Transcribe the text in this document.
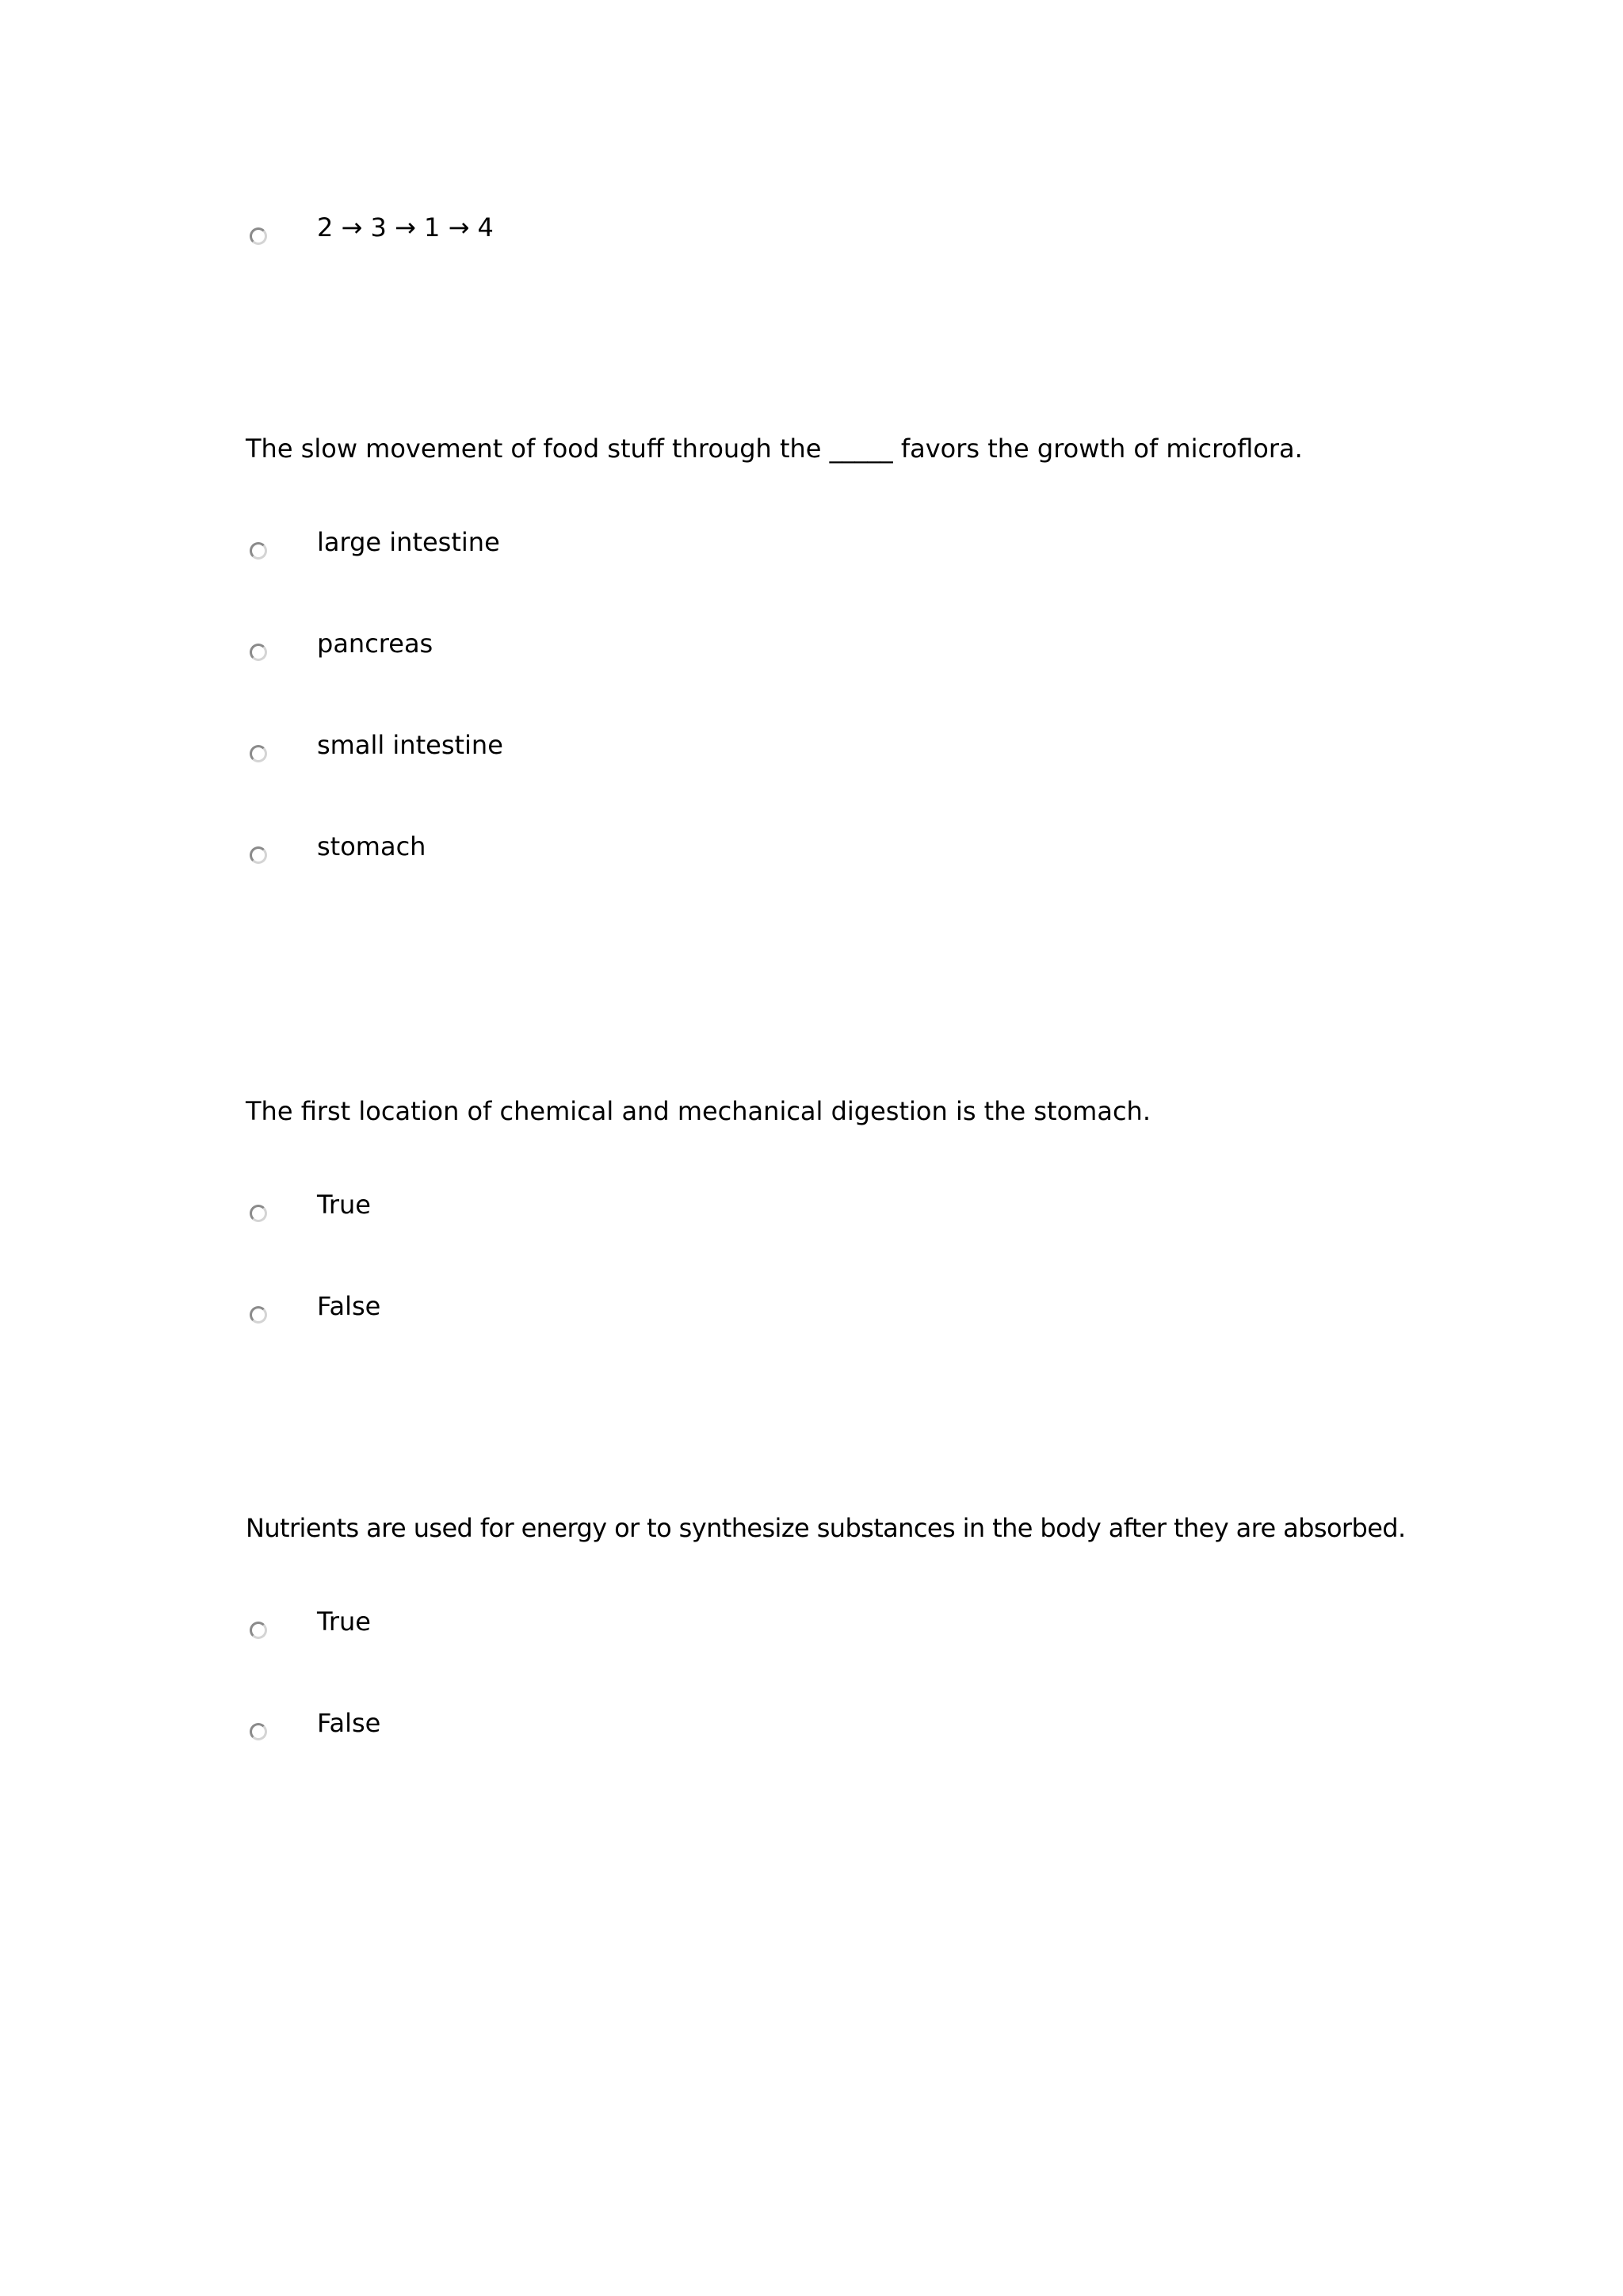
2 → 3 → 1 → 4
The slow movement of food stuff through the _____ favors the growth of microflora.
large intestine
pancreas
small intestine
stomach
The first location of chemical and mechanical digestion is the stomach.
True
False
Nutrients are used for energy or to synthesize substances in the body after they are absorbed.
True
False
